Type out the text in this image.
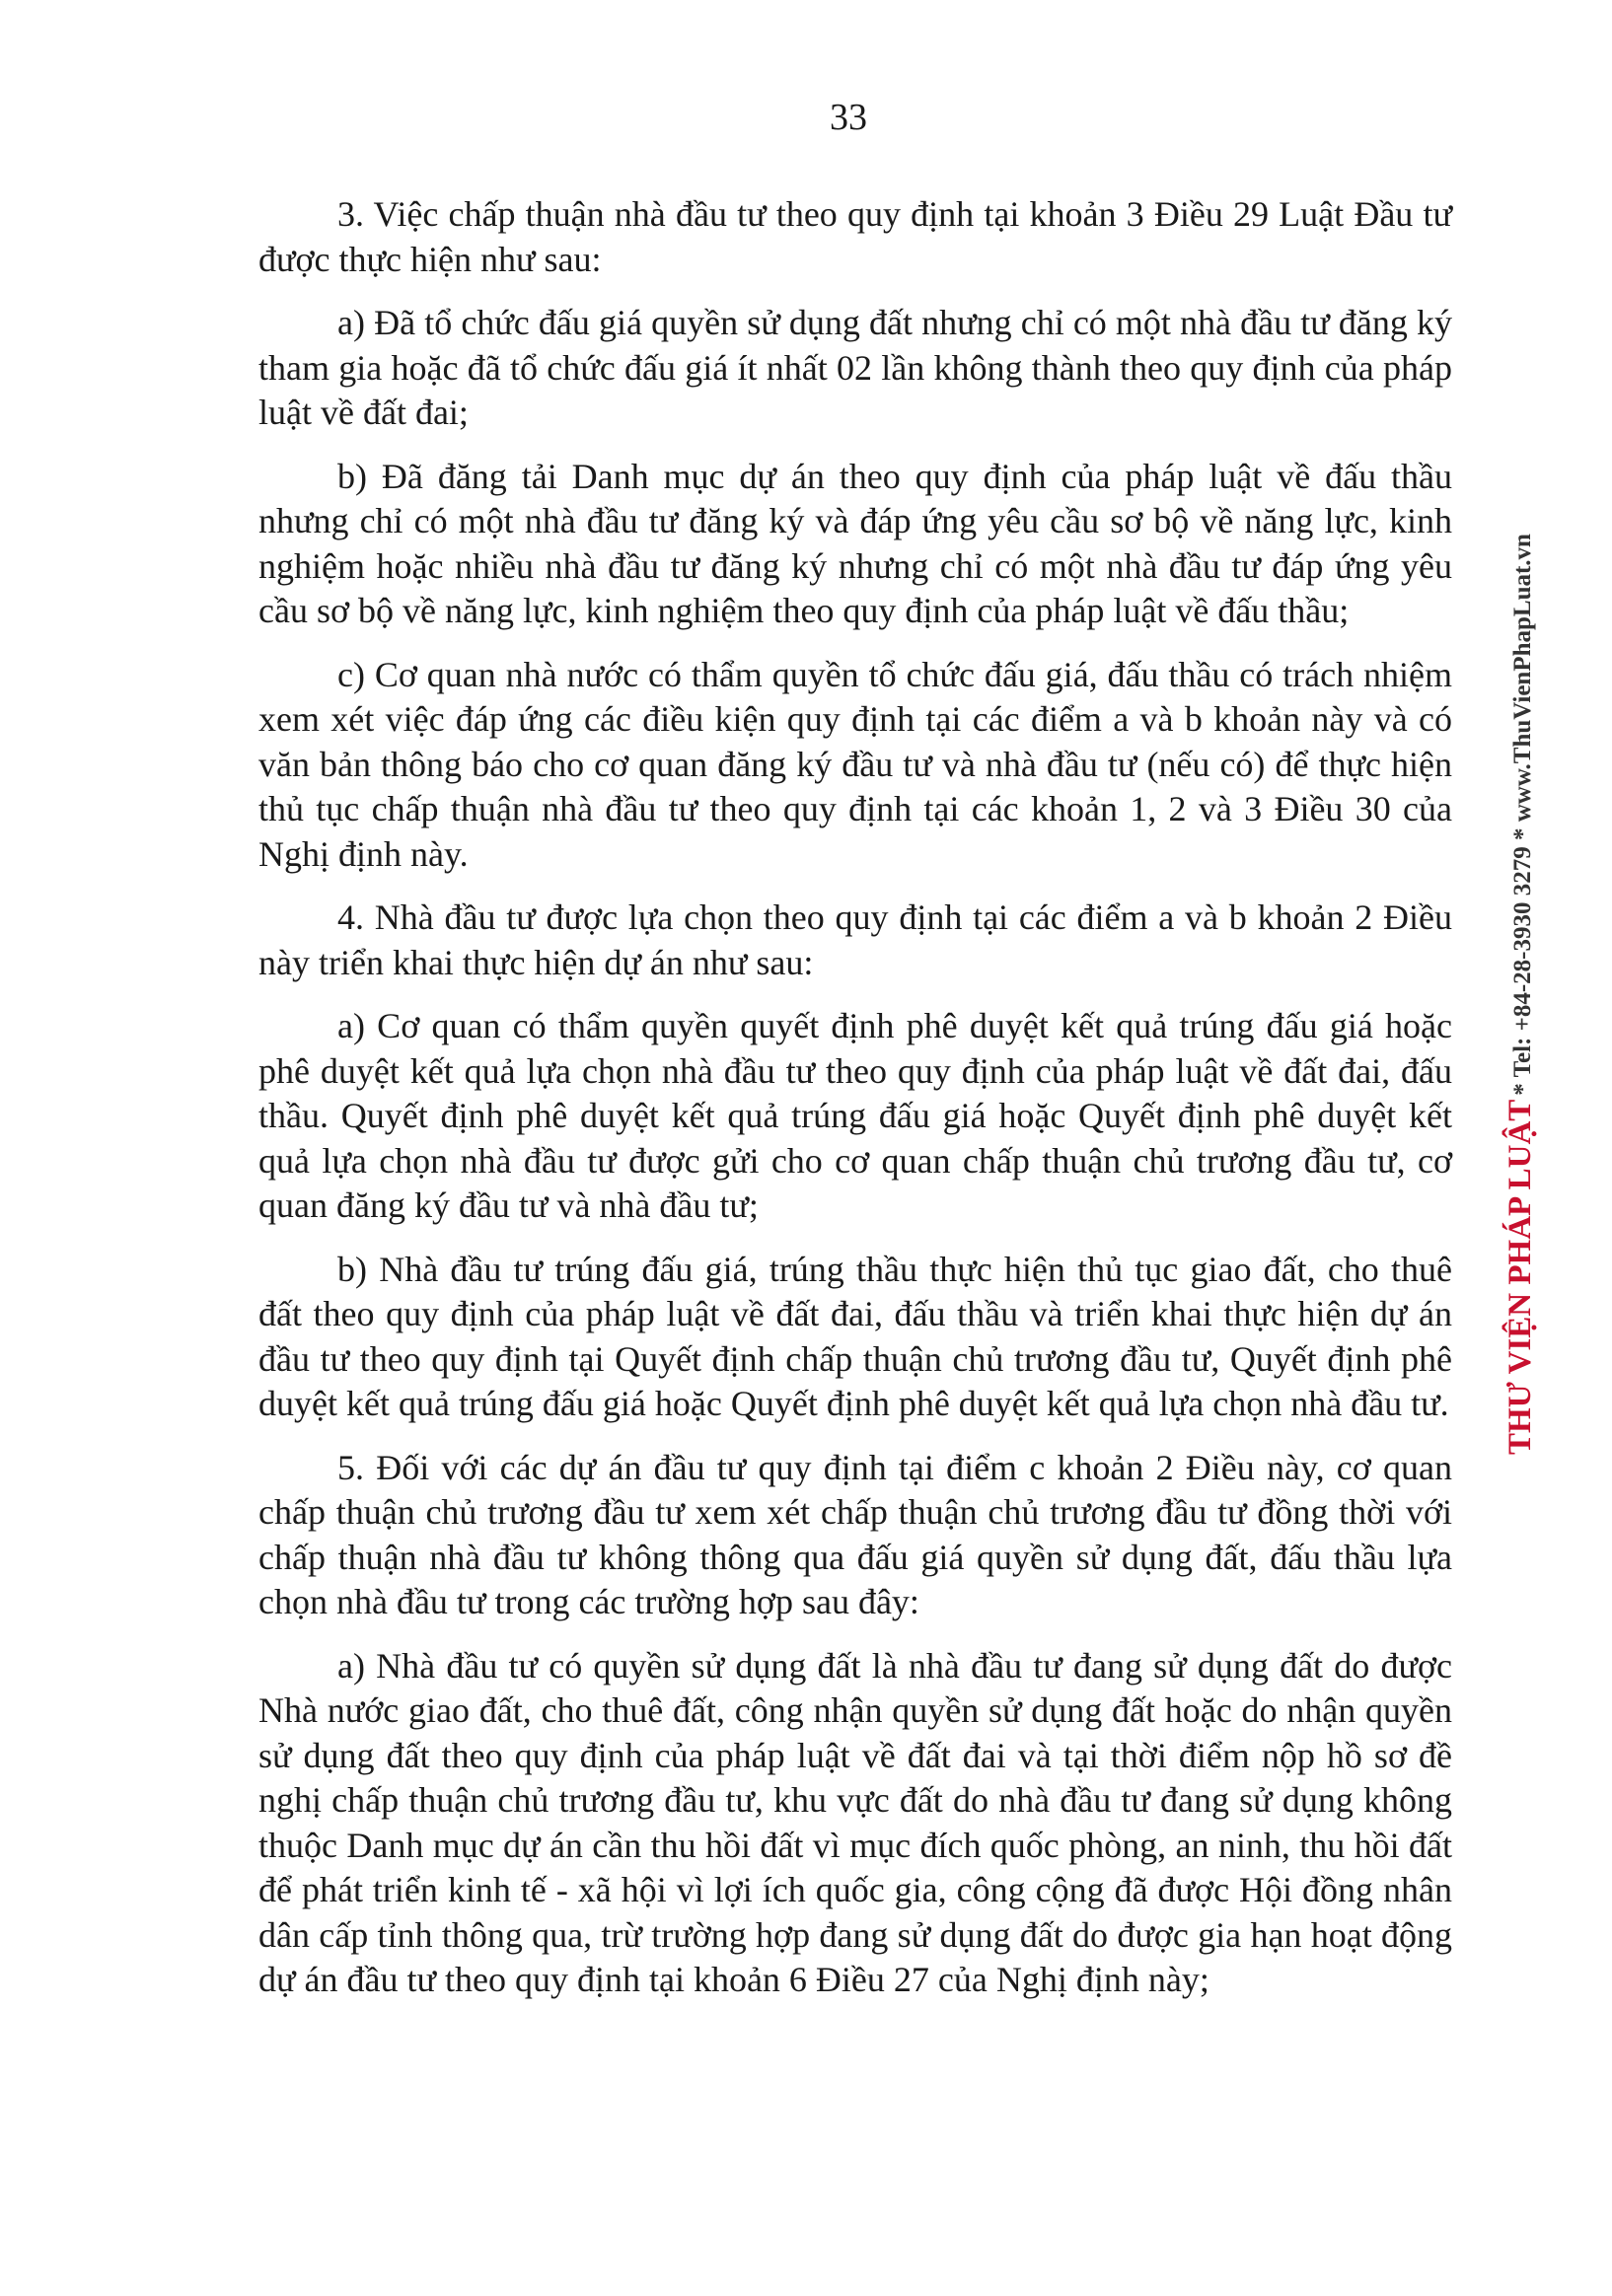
33

3. Việc chấp thuận nhà đầu tư theo quy định tại khoản 3 Điều 29 Luật Đầu tư được thực hiện như sau:

a) Đã tổ chức đấu giá quyền sử dụng đất nhưng chỉ có một nhà đầu tư đăng ký tham gia hoặc đã tổ chức đấu giá ít nhất 02 lần không thành theo quy định của pháp luật về đất đai;

b) Đã đăng tải Danh mục dự án theo quy định của pháp luật về đấu thầu nhưng chỉ có một nhà đầu tư đăng ký và đáp ứng yêu cầu sơ bộ về năng lực, kinh nghiệm hoặc nhiều nhà đầu tư đăng ký nhưng chỉ có một nhà đầu tư đáp ứng yêu cầu sơ bộ về năng lực, kinh nghiệm theo quy định của pháp luật về đấu thầu;

c) Cơ quan nhà nước có thẩm quyền tổ chức đấu giá, đấu thầu có trách nhiệm xem xét việc đáp ứng các điều kiện quy định tại các điểm a và b khoản này và có văn bản thông báo cho cơ quan đăng ký đầu tư và nhà đầu tư (nếu có) để thực hiện thủ tục chấp thuận nhà đầu tư theo quy định tại các khoản 1, 2 và 3 Điều 30 của Nghị định này.

4. Nhà đầu tư được lựa chọn theo quy định tại các điểm a và b khoản 2 Điều này triển khai thực hiện dự án như sau:

a) Cơ quan có thẩm quyền quyết định phê duyệt kết quả trúng đấu giá hoặc phê duyệt kết quả lựa chọn nhà đầu tư theo quy định của pháp luật về đất đai, đấu thầu. Quyết định phê duyệt kết quả trúng đấu giá hoặc Quyết định phê duyệt kết quả lựa chọn nhà đầu tư được gửi cho cơ quan chấp thuận chủ trương đầu tư, cơ quan đăng ký đầu tư và nhà đầu tư;

b) Nhà đầu tư trúng đấu giá, trúng thầu thực hiện thủ tục giao đất, cho thuê đất theo quy định của pháp luật về đất đai, đấu thầu và triển khai thực hiện dự án đầu tư theo quy định tại Quyết định chấp thuận chủ trương đầu tư, Quyết định phê duyệt kết quả trúng đấu giá hoặc Quyết định phê duyệt kết quả lựa chọn nhà đầu tư.

5. Đối với các dự án đầu tư quy định tại điểm c khoản 2 Điều này, cơ quan chấp thuận chủ trương đầu tư xem xét chấp thuận chủ trương đầu tư đồng thời với chấp thuận nhà đầu tư không thông qua đấu giá quyền sử dụng đất, đấu thầu lựa chọn nhà đầu tư trong các trường hợp sau đây:

a) Nhà đầu tư có quyền sử dụng đất là nhà đầu tư đang sử dụng đất do được Nhà nước giao đất, cho thuê đất, công nhận quyền sử dụng đất hoặc do nhận quyền sử dụng đất theo quy định của pháp luật về đất đai và tại thời điểm nộp hồ sơ đề nghị chấp thuận chủ trương đầu tư, khu vực đất do nhà đầu tư đang sử dụng không thuộc Danh mục dự án cần thu hồi đất vì mục đích quốc phòng, an ninh, thu hồi đất để phát triển kinh tế - xã hội vì lợi ích quốc gia, công cộng đã được Hội đồng nhân dân cấp tỉnh thông qua, trừ trường hợp đang sử dụng đất do được gia hạn hoạt động dự án đầu tư theo quy định tại khoản 6 Điều 27 của Nghị định này;

THƯ VIỆN PHÁP LUẬT * Tel: +84-28-3930 3279 * www.ThuVienPhapLuat.vn
